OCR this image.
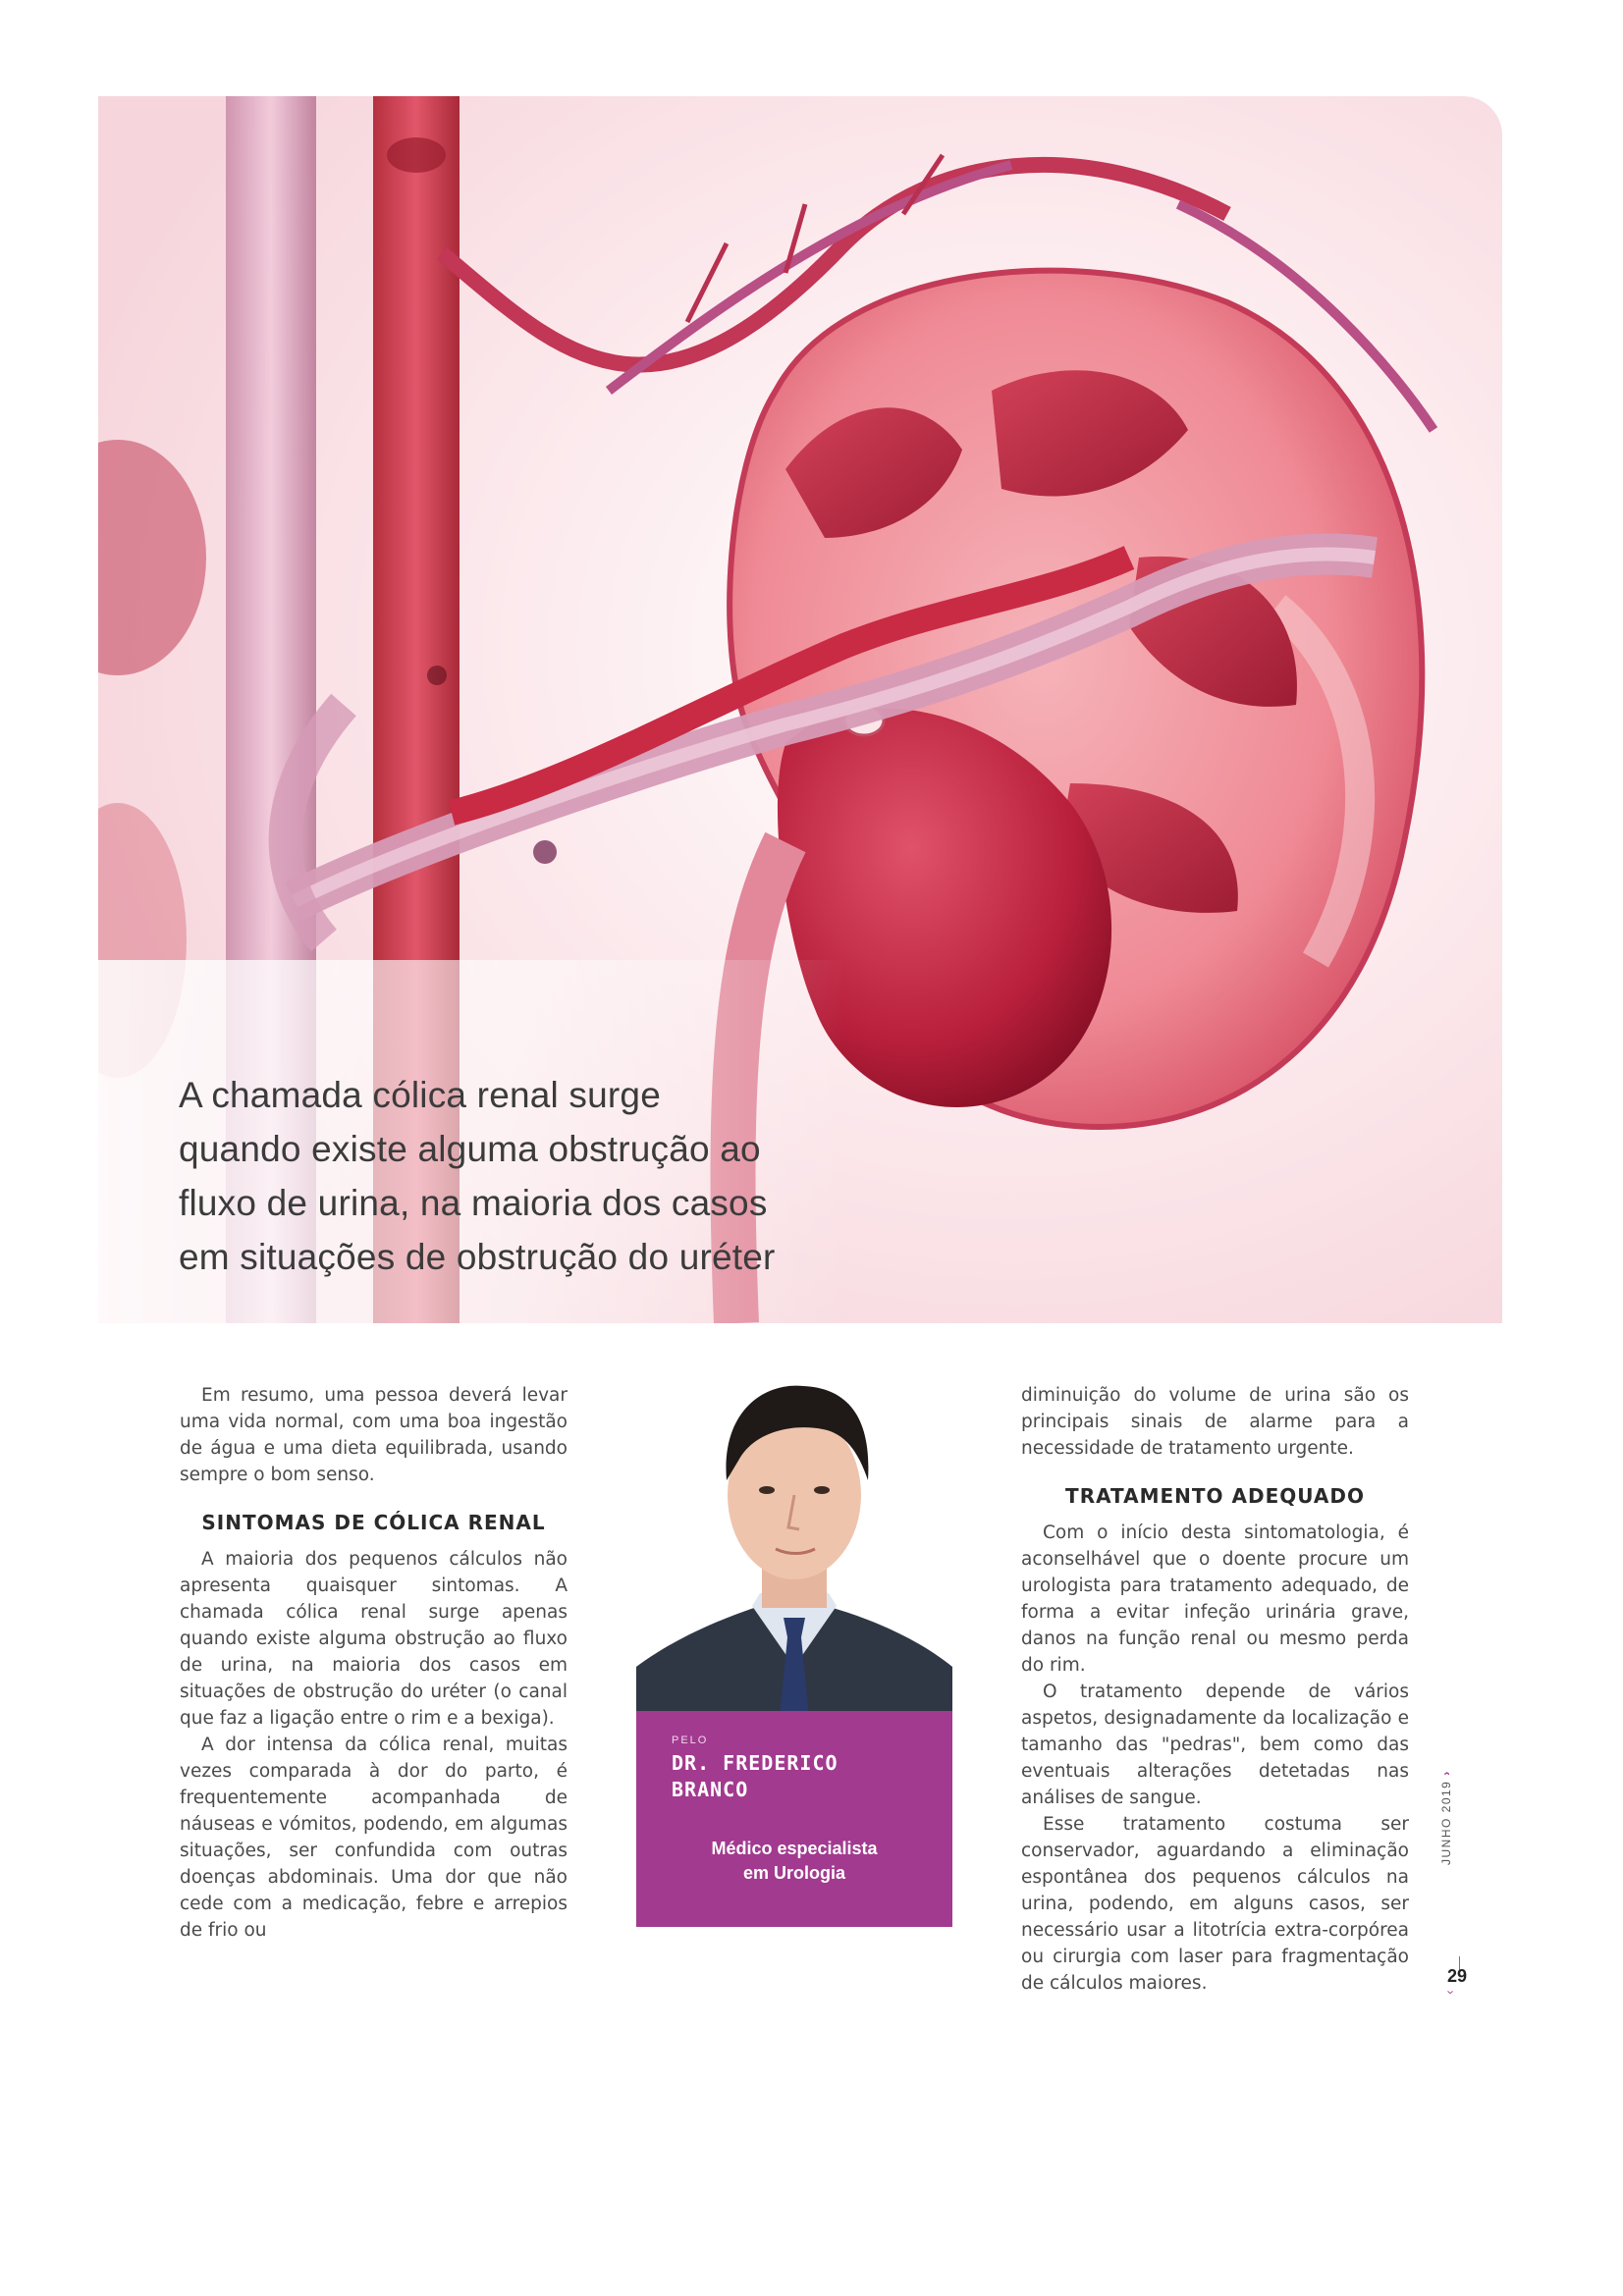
A chamada cólica renal surge
quando existe alguma obstrução ao
fluxo de urina, na maioria dos casos
em situações de obstrução do uréter

Em resumo, uma pessoa deverá levar uma vida normal, com uma boa ingestão de água e uma dieta equilibrada, usando sempre o bom senso.

SINTOMAS DE CÓLICA RENAL

A maioria dos pequenos cálculos não apresenta quaisquer sintomas. A chamada cólica renal surge apenas quando existe alguma obstrução ao fluxo de urina, na maioria dos casos em situações de obstrução do uréter (o canal que faz a ligação entre o rim e a bexiga).

A dor intensa da cólica renal, muitas vezes comparada à dor do parto, é frequentemente acompanhada de náuseas e vómitos, podendo, em algumas situações, ser confundida com outras doenças abdominais. Uma dor que não cede com a medicação, febre e arrepios de frio ou

PELO
DR. FREDERICO BRANCO
Médico especialista
em Urologia

diminuição do volume de urina são os principais sinais de alarme para a necessidade de tratamento urgente.

TRATAMENTO ADEQUADO

Com o início desta sintomatologia, é aconselhável que o doente procure um urologista para tratamento adequado, de forma a evitar infeção urinária grave, danos na função renal ou mesmo perda do rim.

O tratamento depende de vários aspetos, designadamente da localização e tamanho das "pedras", bem como das eventuais alterações detetadas nas análises de sangue.

Esse tratamento costuma ser conservador, aguardando a eliminação espontânea dos pequenos cálculos na urina, podendo, em alguns casos, ser necessário usar a litotrícia extra-corpórea ou cirurgia com laser para fragmentação de cálculos maiores.

JUNHO 2019 ›
29
›
